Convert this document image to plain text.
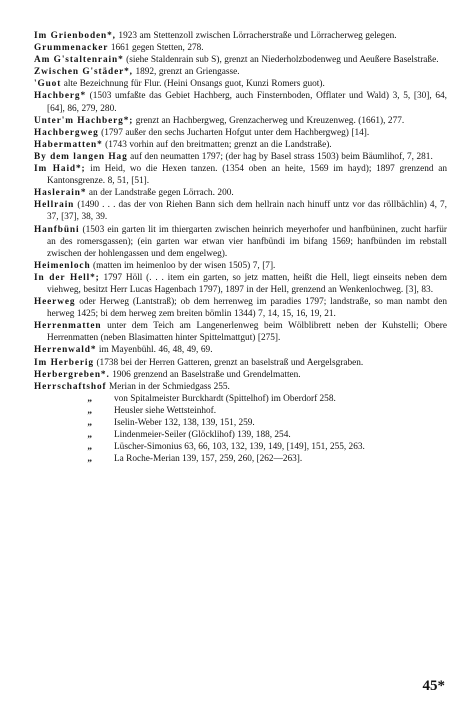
Im Grienboden*, 1923 am Stettenzoll zwischen Lörracherstraße und Lörracherweg gelegen.
Grummenacker 1661 gegen Stetten, 278.
Am G'staltenrain* (siehe Staldenrain sub S), grenzt an Niederholzbodenweg und Aeußere Baselstraße.
Zwischen G'städer*, 1892, grenzt an Griengasse.
'Guot alte Bezeichnung für Flur. (Heini Onsangs guot, Kunzi Romers guot).
Hachberg* (1503 umfaßte das Gebiet Hachberg, auch Finsternboden, Offlater und Wald) 3, 5, [30], 64, [64], 86, 279, 280.
Unter'm Hachberg*; grenzt an Hachbergweg, Grenzacherweg und Kreuzenweg. (1661), 277.
Hachbergweg (1797 außer den sechs Jucharten Hofgut unter dem Hachbergweg) [14].
Habermatten* (1743 vorhin auf den breitmatten; grenzt an die Landstraße).
By dem langen Hag auf den neumatten 1797; (der hag by Basel strass 1503) beim Bäumlihof, 7, 281.
Im Haid*; im Heid, wo die Hexen tanzen. (1354 oben an heite, 1569 im hayd); 1897 grenzend an Kantonsgrenze. 8, 51, [51].
Haslerain* an der Landstraße gegen Lörrach. 200.
Hellrain (1490 . . . das der von Riehen Bann sich dem hellrain nach hinuff untz vor das röllbächlin) 4, 7, 37, [37], 38, 39.
Hanfbüni (1503 ein garten lit im thiergarten zwischen heinrich meyerhofer und hanfbüninen, zucht harfür an des romersgassen); (ein garten war etwan vier hanfbündi im bifang 1569; hanfbünden im rebstall zwischen der hohlengassen und dem engelweg).
Heimenloch (matten im heimenloo by der wisen 1505) 7, [7].
In der Hell*; 1797 Höll (. . . item ein garten, so jetz matten, heißt die Hell, liegt einseits neben dem viehweg, besitzt Herr Lucas Hagenbach 1797), 1897 in der Hell, grenzend an Wenkenlochweg. [3], 83.
Heerweg oder Herweg (Lantstraß); ob dem herrenweg im paradies 1797; landstraße, so man nambt den herweg 1425; bi dem herweg zem breiten bömlin 1344) 7, 14, 15, 16, 19, 21.
Herrenmatten unter dem Teich am Langenerlenweg beim Wölblibrett neben der Kuhstelli; Obere Herrenmatten (neben Blasimatten hinter Spittelmattgut) [275].
Herrenwald* im Mayenbühl. 46, 48, 49, 69.
Im Herberig (1738 bei der Herren Gatteren, grenzt an baselstraß und Aergelsgraben.
Herbergreben*. 1906 grenzend an Baselstraße und Grendelmatten.
Herrschaftshof Merian in der Schmiedgass 255.
„	von Spitalmeister Burckhardt (Spittelhof) im Oberdorf 258.
„	Heusler siehe Wettsteinhof.
„	Iselin-Weber 132, 138, 139, 151, 259.
„	Lindenmeier-Seiler (Glöcklihof) 139, 188, 254.
„	Lüscher-Simonius 63, 66, 103, 132, 139, 149, [149], 151, 255, 263.
„	La Roche-Merian 139, 157, 259, 260, [262—263].
45*
